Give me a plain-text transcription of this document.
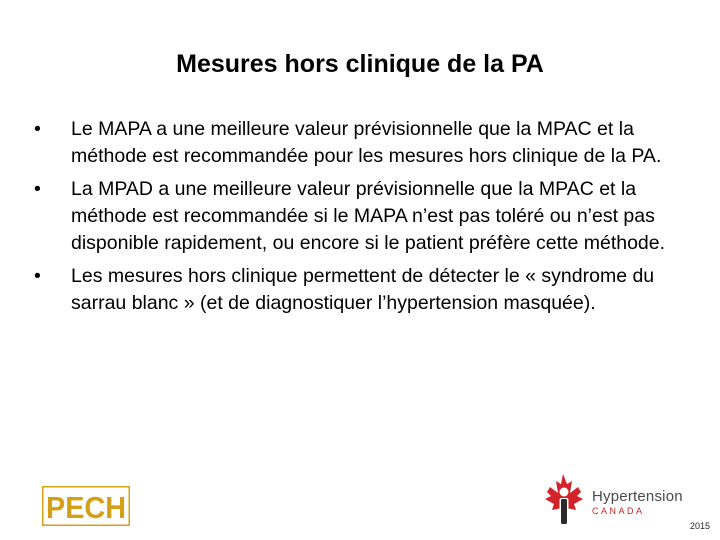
Mesures hors clinique de la PA
• Le MAPA a une meilleure valeur prévisionnelle que la MPAC et la méthode est recommandée pour les mesures hors clinique de la PA.
• La MPAD a une meilleure valeur prévisionnelle que la MPAC et la méthode est recommandée si le MAPA n’est pas toléré ou n’est pas disponible rapidement, ou encore si le patient préfère cette méthode.
• Les mesures hors clinique permettent de détecter le « syndrome du sarrau blanc » (et de diagnostiquer l’hypertension masquée).
PECH	Hypertension
CANADA
2015
